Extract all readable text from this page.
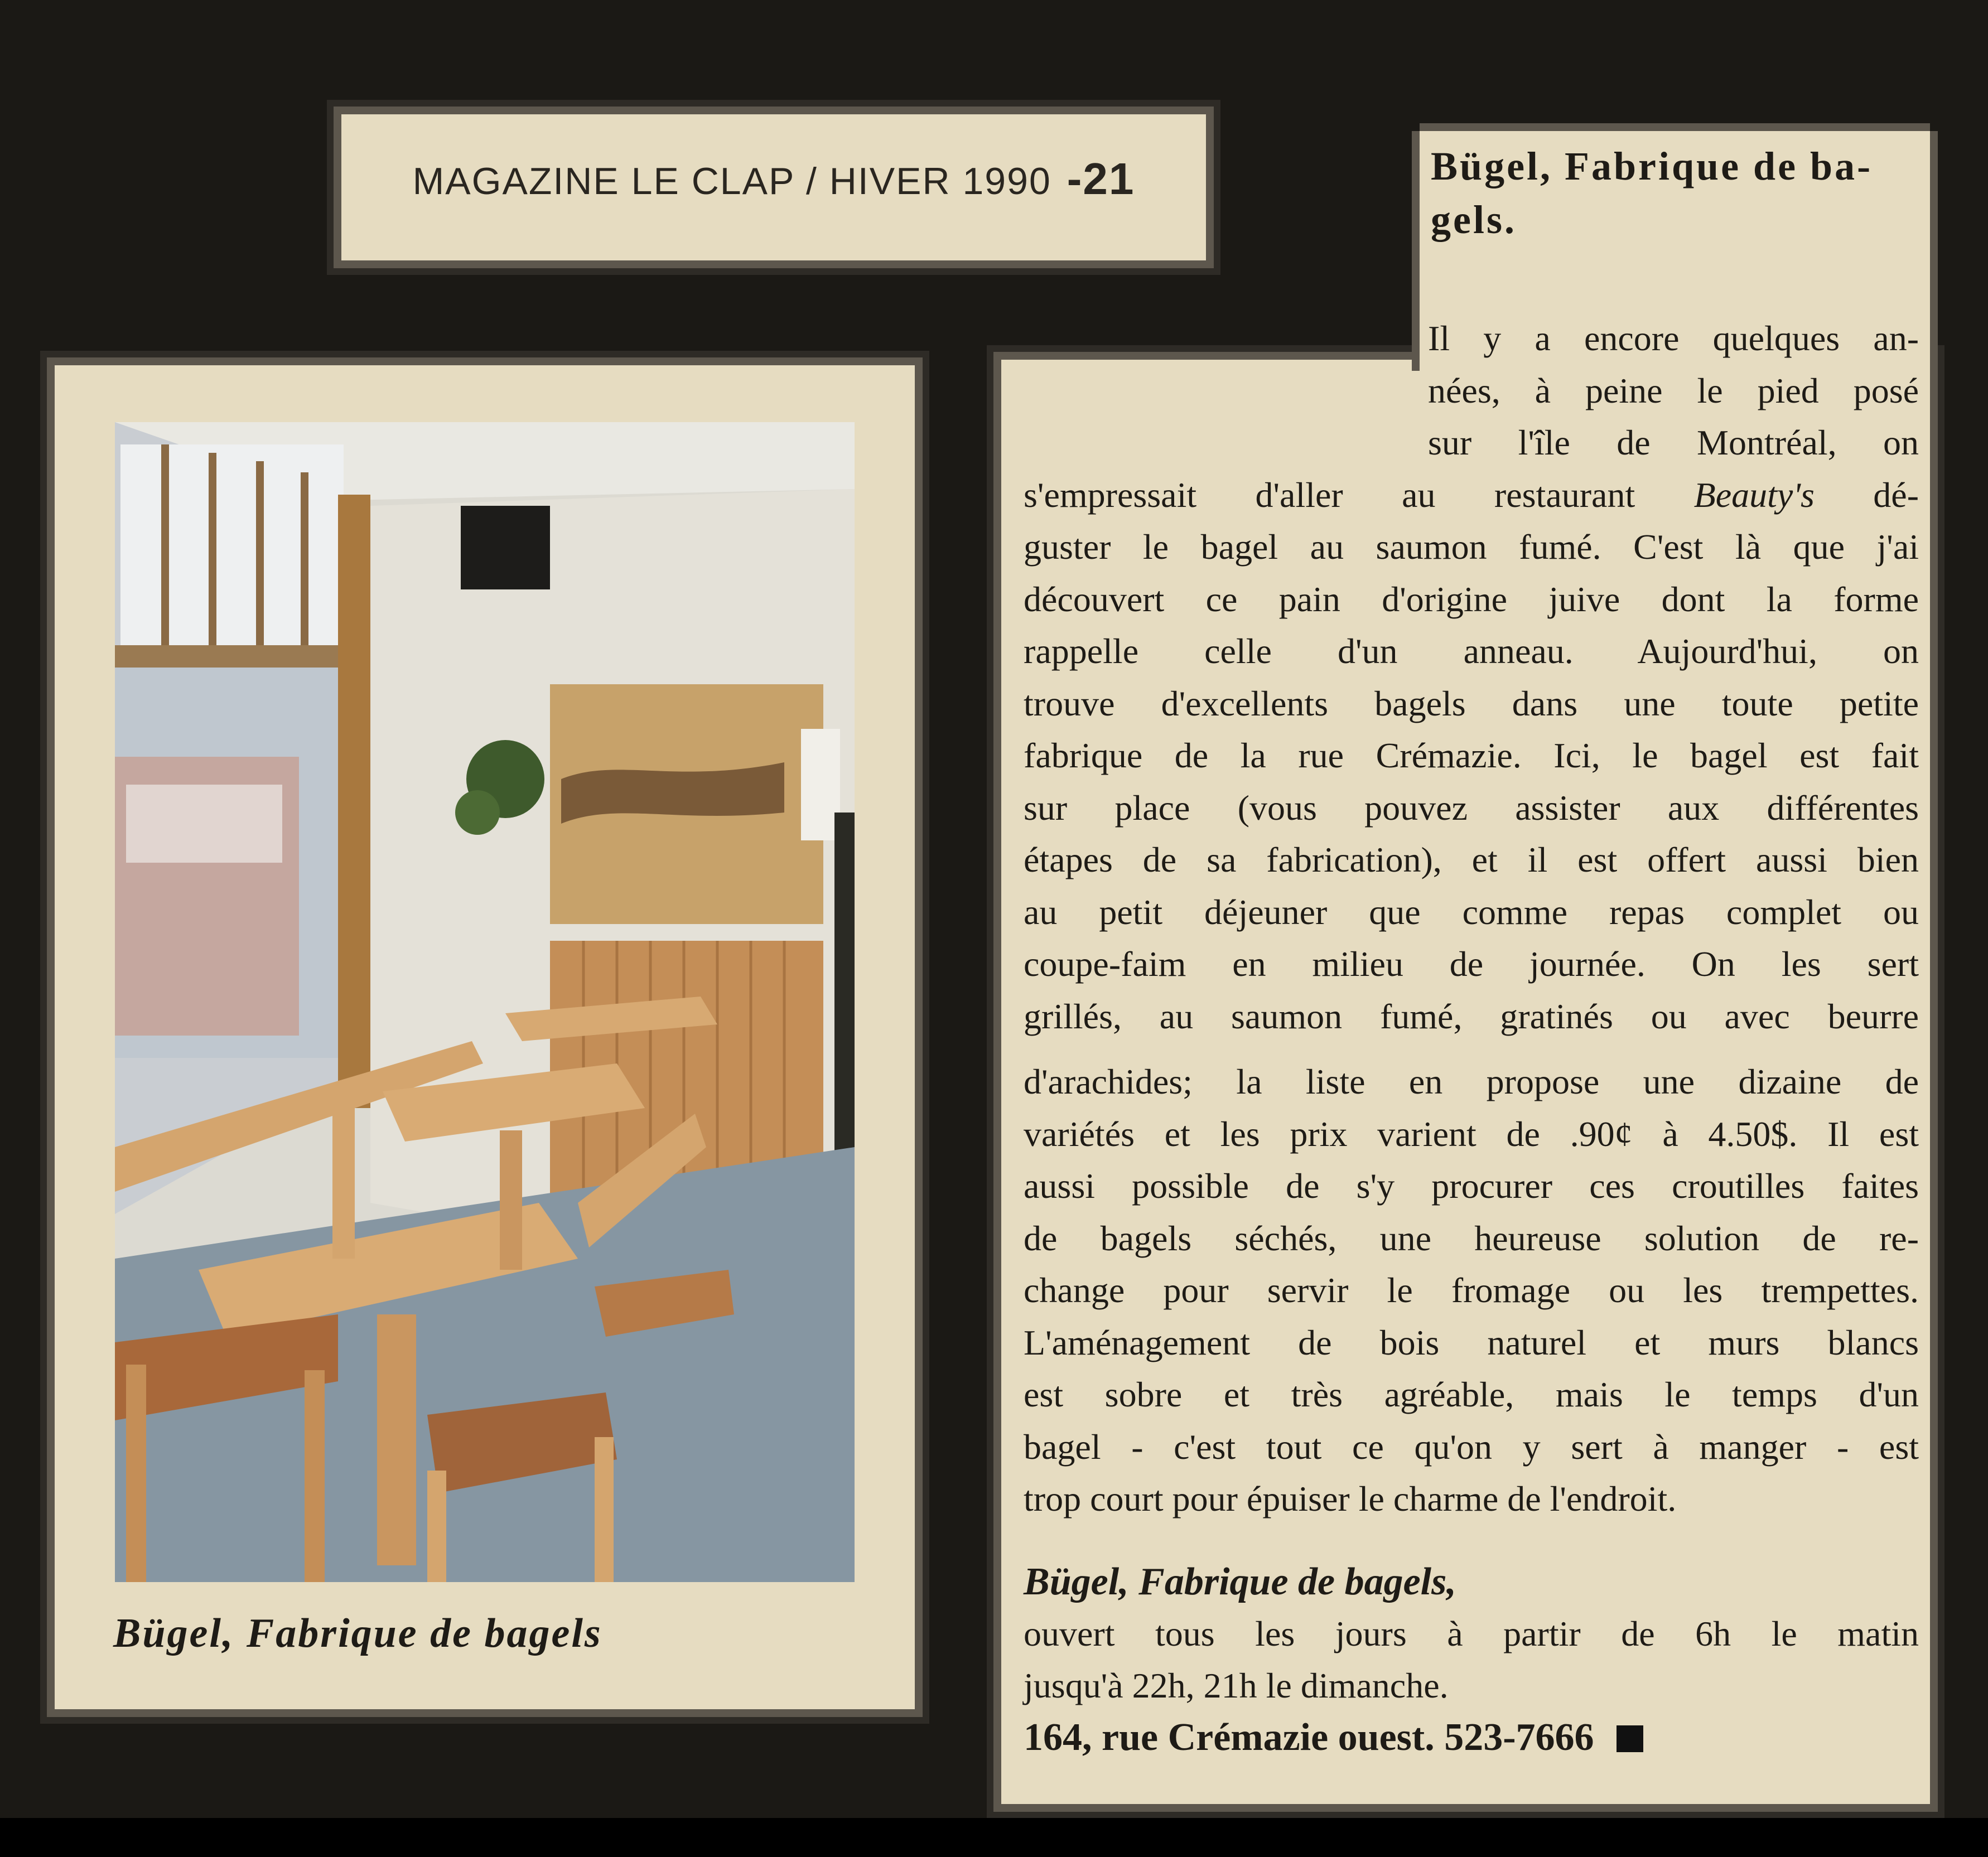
MAGAZINE LE CLAP / HIVER 1990 -21
Bügel, Fabrique de bagels
Bügel, Fabrique de ba-
gels.

Il y a encore quelques an-

nées, à peine le pied posé

sur l'île de Montréal, on

s'empressait d'aller au restaurant Beauty's dé-

guster le bagel au saumon fumé. C'est là que j'ai

découvert ce pain d'origine juive dont la forme

rappelle celle d'un anneau. Aujourd'hui, on

trouve d'excellents bagels dans une toute petite

fabrique de la rue Crémazie. Ici, le bagel est fait

sur place (vous pouvez assister aux différentes

étapes de sa fabrication), et il est offert aussi bien

au petit déjeuner que comme repas complet ou

coupe-faim en milieu de journée. On les sert

grillés, au saumon fumé, gratinés ou avec beurre

d'arachides; la liste en propose une dizaine de

variétés et les prix varient de .90¢ à 4.50$. Il est

aussi possible de s'y procurer ces croutilles faites

de bagels séchés, une heureuse solution de re-

change pour servir le fromage ou les trempettes.

L'aménagement de bois naturel et murs blancs

est sobre et très agréable, mais le temps d'un

bagel - c'est tout ce qu'on y sert à manger - est

trop court pour épuiser le charme de l'endroit.

Bügel, Fabrique de bagels,

ouvert tous les jours à partir de 6h le matin

jusqu'à 22h, 21h le dimanche.

164, rue Crémazie ouest. 523-7666
